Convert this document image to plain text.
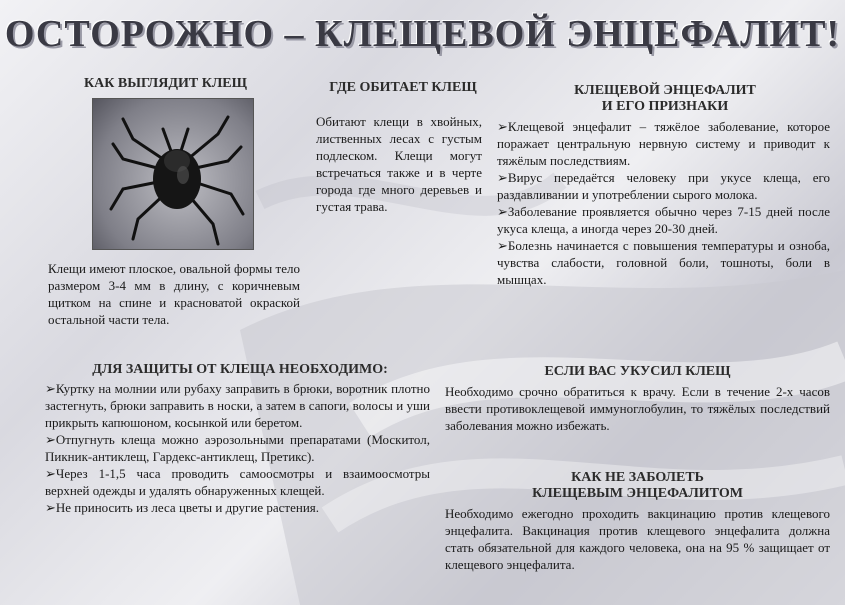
ОСТОРОЖНО – КЛЕЩЕВОЙ ЭНЦЕФАЛИТ!
КАК ВЫГЛЯДИТ КЛЕЩ
Клещи имеют плоское, овальной формы тело размером 3-4 мм в длину, с коричневым щитком на спине и красноватой окраской остальной части тела.
ГДЕ ОБИТАЕТ КЛЕЩ
Обитают клещи в хвойных, лиственных лесах с густым подлеском. Клещи могут встречаться также и в черте города где много деревьев и густая трава.
КЛЕЩЕВОЙ ЭНЦЕФАЛИТ
И ЕГО ПРИЗНАКИ

➢Клещевой энцефалит – тяжёлое заболевание, которое поражает центральную нервную систему и приводит к тяжёлым последствиям.

➢Вирус передаётся человеку при укусе клеща, его раздавливании и употреблении сырого молока.

➢Заболевание проявляется обычно через 7-15 дней после укуса клеща, а иногда через 20-30 дней.

➢Болезнь начинается с повышения температуры и озноба, чувства слабости, головной боли, тошноты, боли в мышцах.

ДЛЯ ЗАЩИТЫ ОТ КЛЕЩА НЕОБХОДИМО:

➢Куртку на молнии или рубаху заправить в брюки, воротник плотно застегнуть, брюки заправить в носки, а затем в сапоги, волосы и уши прикрыть капюшоном, косынкой или беретом.

➢Отпугнуть клеща можно аэрозольными препаратами (Москитол, Пикник-антиклещ, Гардекс-антиклещ, Претикс).

➢Через 1-1,5 часа проводить самоосмотры и взаимоосмотры верхней одежды и удалять обнаруженных клещей.

➢Не приносить из леса цветы и другие растения.

ЕСЛИ ВАС УКУСИЛ КЛЕЩ
Необходимо срочно обратиться к врачу. Если в течение 2-х часов ввести противоклещевой иммуноглобулин, то тяжёлых последствий заболевания можно избежать.
КАК НЕ ЗАБОЛЕТЬ
КЛЕЩЕВЫМ ЭНЦЕФАЛИТОМ
Необходимо ежегодно проходить вакцинацию против клещевого энцефалита. Вакцинация против клещевого энцефалита должна стать обязательной для каждого человека, она на 95 % защищает от клещевого энцефалита.
